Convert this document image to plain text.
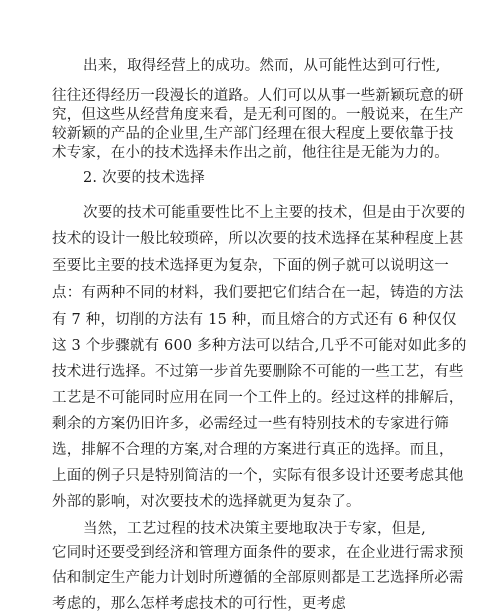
出来，取得经营上的成功。然而，从可能性达到可行性,
往往还得经历一段漫长的道路。人们可以从事一些新颖玩意的研
究，但这些从经营角度来看，是无利可图的。一般说来，在生产
较新颖的产品的企业里,生产部门经理在很大程度上要依靠于技
术专家，在小的技术选择未作出之前，他往往是无能为力的。
2. 次要的技术选择
次要的技术可能重要性比不上主要的技术，但是由于次要的
技术的设计一般比较琐碎，所以次要的技术选择在某种程度上甚
至要比主要的技术选择更为复杂，下面的例子就可以说明这一
点：有两种不同的材料，我们要把它们结合在一起，铸造的方法
有 7 种，切削的方法有 15 种，而且熔合的方式还有 6 种仅仅
这 3 个步骤就有 600 多种方法可以结合,几乎不可能对如此多的
技术进行选择。不过第一步首先要删除不可能的一些工艺，有些
工艺是不可能同时应用在同一个工件上的。经过这样的排解后，
剩余的方案仍旧许多，必需经过一些有特别技术的专家进行筛
选，排解不合理的方案,对合理的方案进行真正的选择。而且，
上面的例子只是特别简洁的一个，实际有很多设计还要考虑其他
外部的影响，对次要技术的选择就更为复杂了。
当然，工艺过程的技术决策主要地取决于专家，但是,
它同时还要受到经济和管理方面条件的要求，在企业进行需求预
估和制定生产能力计划时所遵循的全部原则都是工艺选择所必需
考虑的，那么怎样考虑技术的可行性，更考虑
